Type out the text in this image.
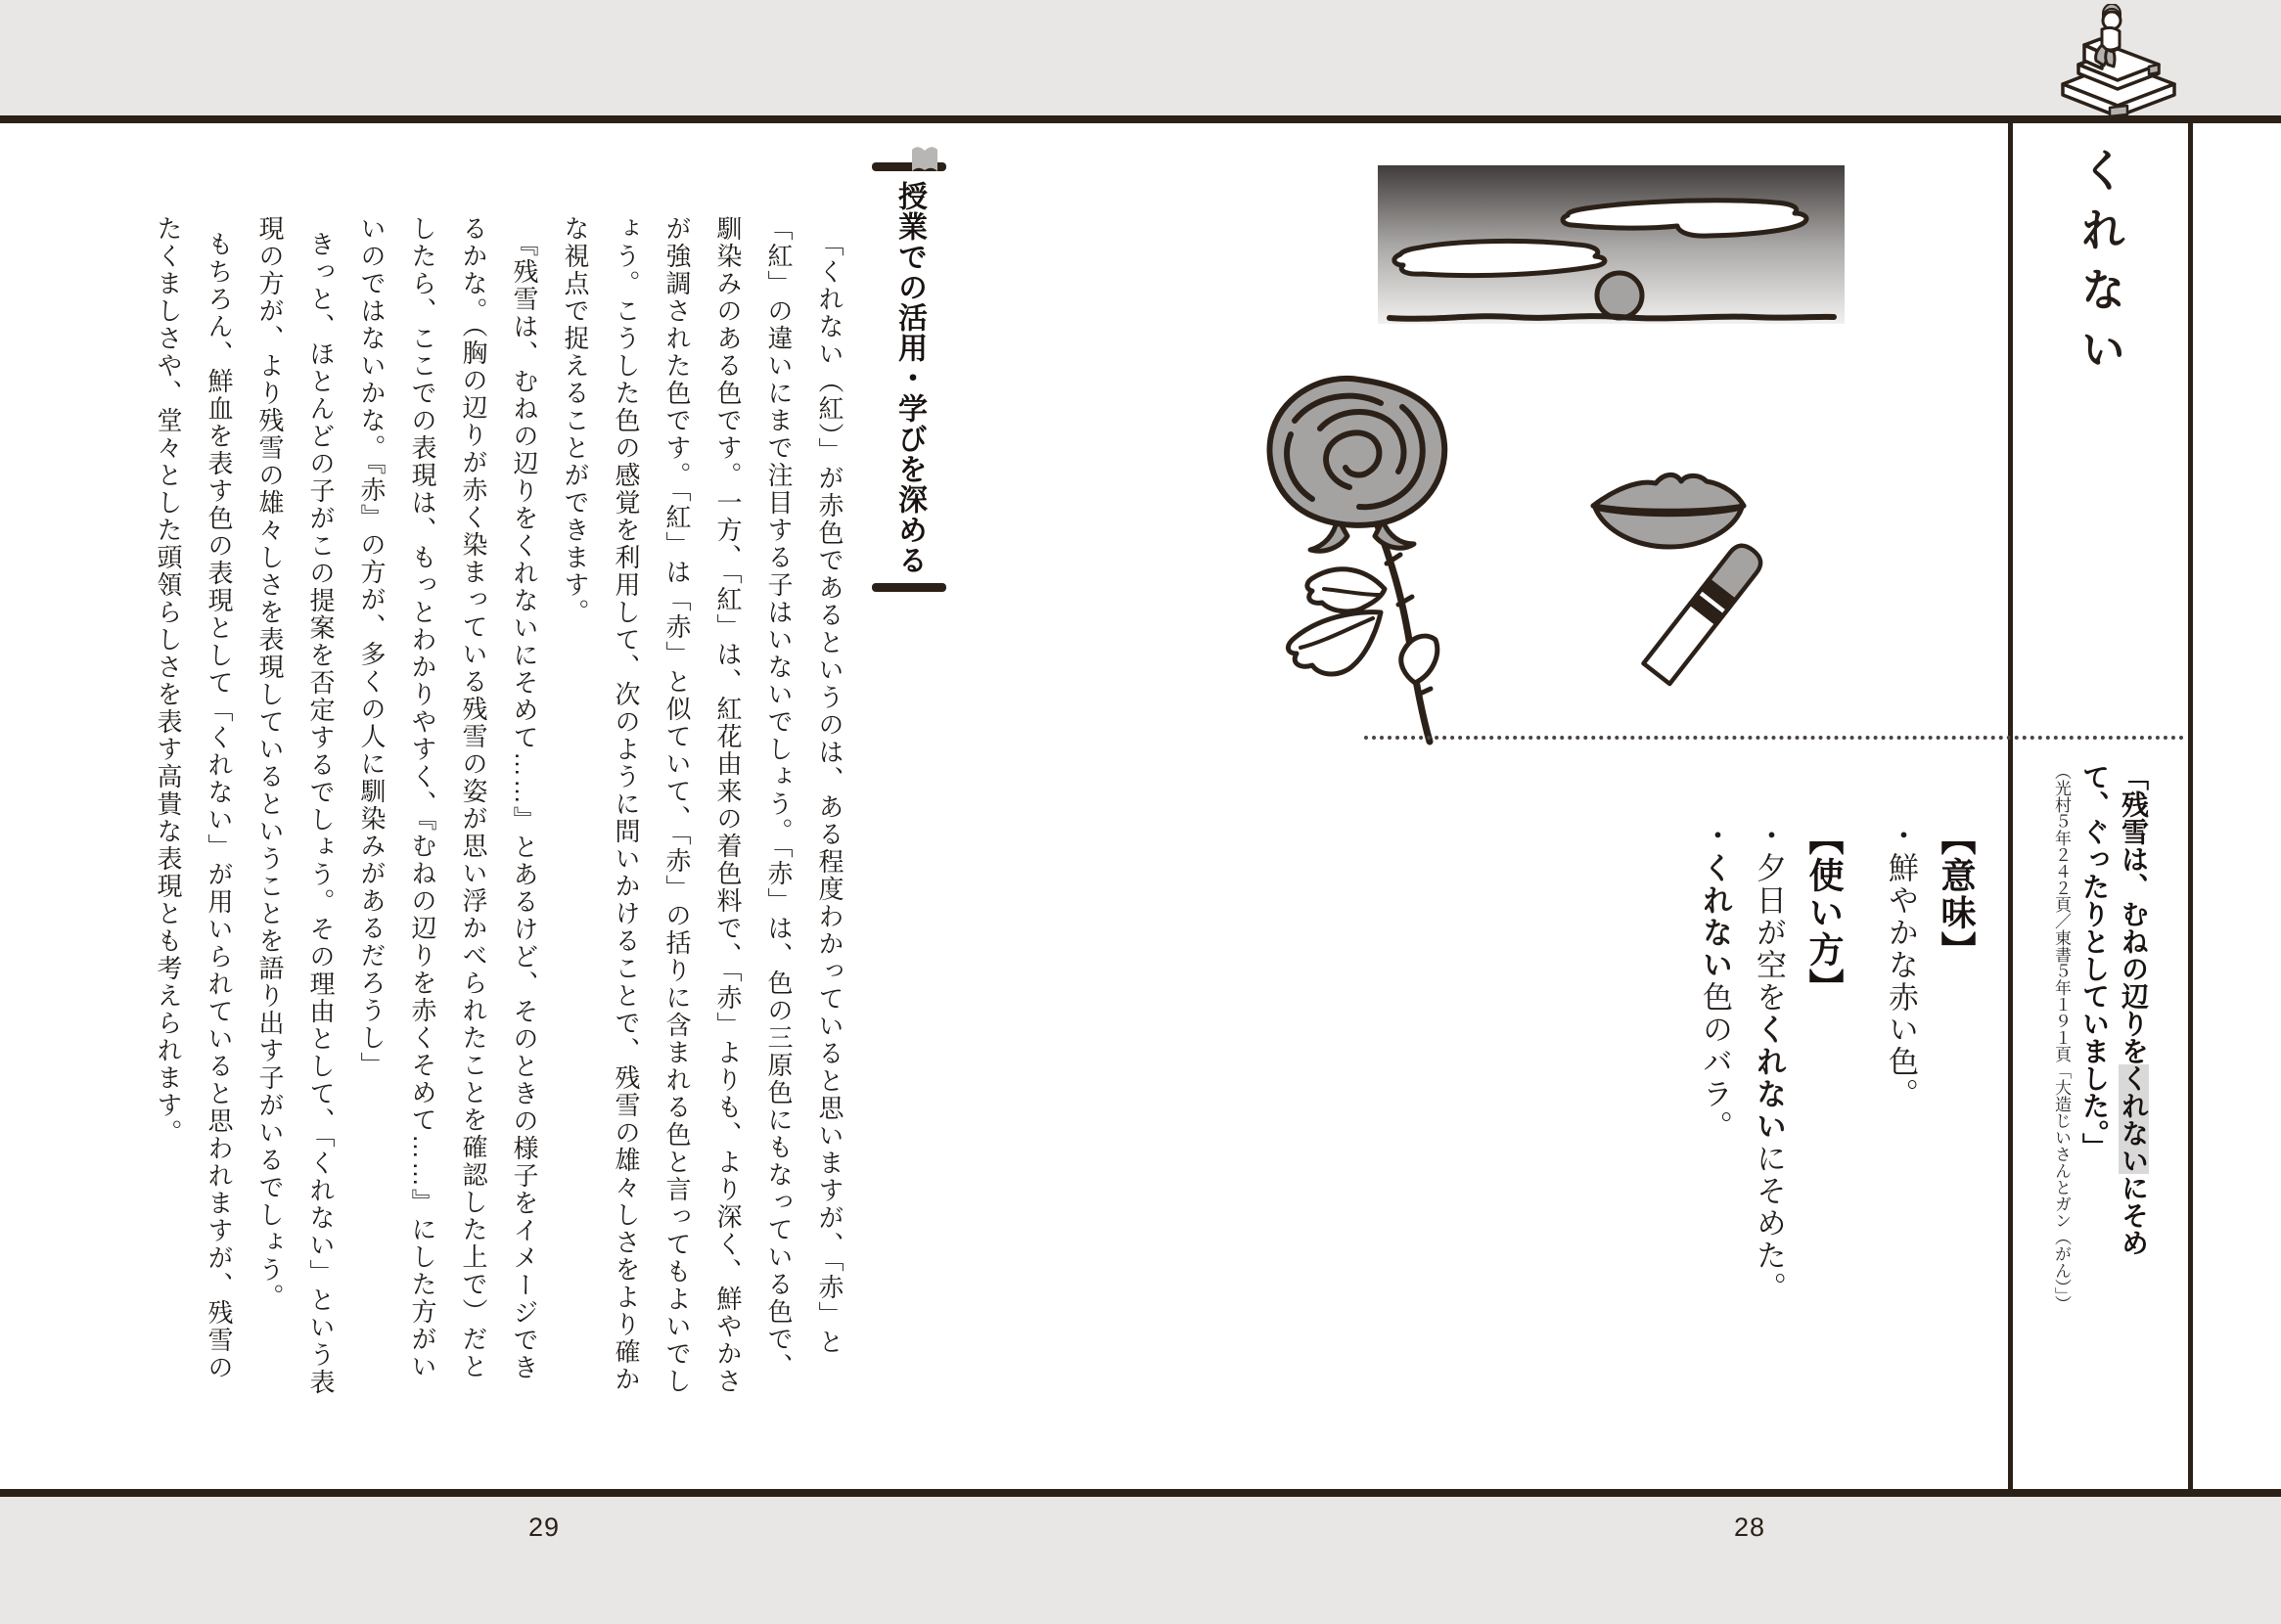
くれない

【意味】

・鮮やかな赤い色。

【使い方】

・夕日が空をくれないにそめた。

・くれない色のバラ。	「残雪は、むねの辺りをくれないにそめて、ぐったりとしていました。」

（光村５年２４２頁／東書５年１９１頁「大造じいさんとガン（がん）」）

授業での活用・学びを深める

「くれない（紅）」が赤色であるというのは、ある程度わかっていると思いますが、「赤」と「紅」の違いにまで注目する子はいないでしょう。「赤」は、色の三原色にもなっている色で、馴染みのある色です。一方、「紅」は、紅花由来の着色料で、「赤」よりも、より深く、鮮やかさが強調された色です。「紅」は「赤」と似ていて、「赤」の括りに含まれる色と言ってもよいでしょう。こうした色の感覚を利用して、次のように問いかけることで、残雪の雄々しさをより確かな視点で捉えることができます。

『残雪は、むねの辺りをくれないにそめて……』とあるけど、そのときの様子をイメージできるかな。（胸の辺りが赤く染まっている残雪の姿が思い浮かべられたことを確認した上で）だとしたら、ここでの表現は、もっとわかりやすく、『むねの辺りを赤くそめて……』にした方がいいのではないかな。『赤』の方が、多くの人に馴染みがあるだろうし」

きっと、ほとんどの子がこの提案を否定するでしょう。その理由として、「くれない」という表現の方が、より残雪の雄々しさを表現しているということを語り出す子がいるでしょう。

もちろん、鮮血を表す色の表現として「くれない」が用いられていると思われますが、残雪のたくましさや、堂々とした頭領らしさを表す高貴な表現とも考えられます。

29	28
